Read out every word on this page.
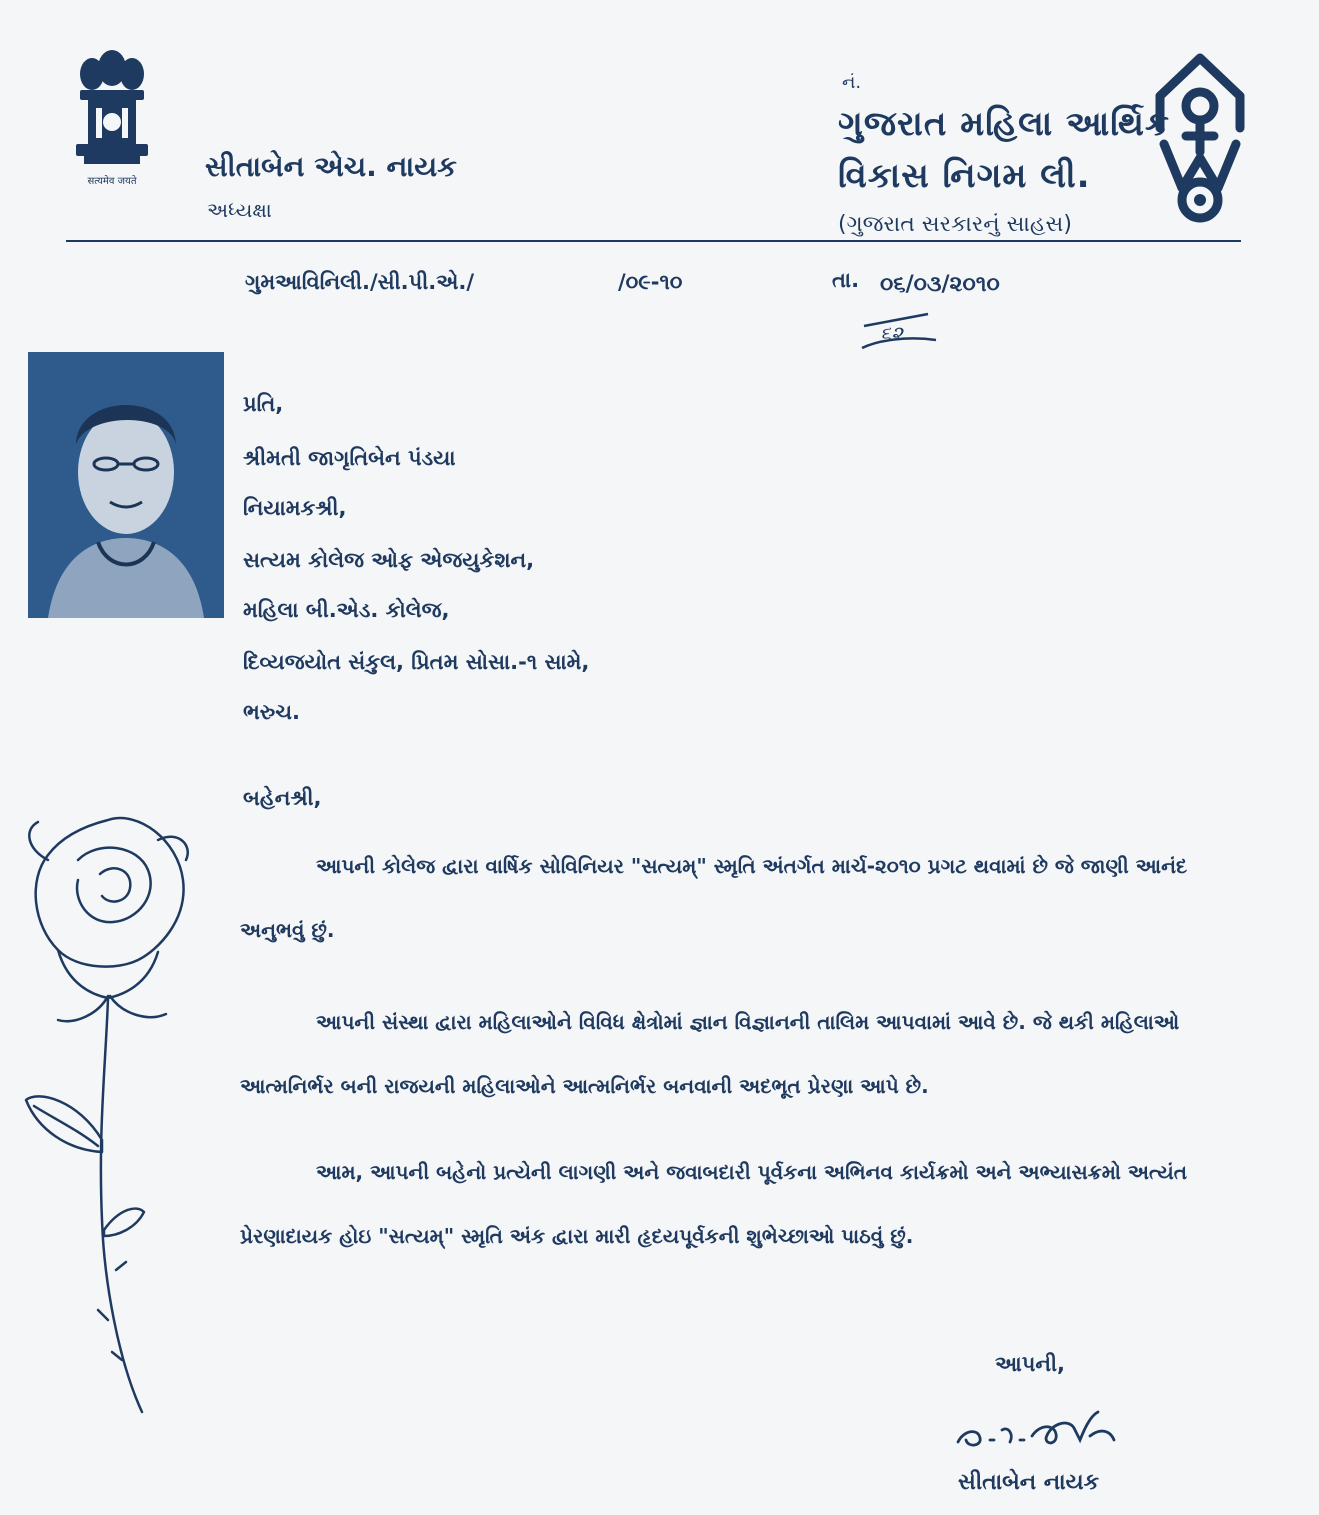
सत्यमेव जयते સીતાબેન એચ. નાયક
અધ્યક્ષા
નં.
ગુજરાત મહિલા આર્થિક
વિકાસ નિગમ લી.
(ગુજરાત સરકારનું સાહસ)
ગુમઆવિનિલી./સી.પી.એ./	/૦૯-૧૦	તા. ૦૬/૦૩/૨૦૧૦
૬૨
પ્રતિ,
શ્રીમતી જાગૃતિબેન પંડયા
નિયામકશ્રી,
સત્યમ કોલેજ ઓફ એજયુકેશન,
મહિલા બી.એડ. કોલેજ,
દિવ્યજયોત સંકુલ, પ્રિતમ સોસા.-૧ સામે,
ભરુચ.
બહેનશ્રી,
આપની કોલેજ દ્વારા વાર્ષિક સોવિનિયર "સત્યમ્" સ્મૃતિ અંતર્ગત માર્ચ-૨૦૧૦ પ્રગટ થવામાં છે જે જાણી આનંદ અનુભવું છું.
આપની સંસ્થા દ્વારા મહિલાઓને વિવિધ ક્ષેત્રોમાં જ્ઞાન વિજ્ઞાનની તાલિમ આપવામાં આવે છે. જે થકી મહિલાઓ આત્મનિર્ભર બની રાજયની મહિલાઓને આત્મનિર્ભર બનવાની અદભૂત પ્રેરણા આપે છે.
આમ, આપની બહેનો પ્રત્યેની લાગણી અને જવાબદારી પૂર્વકના અભિનવ કાર્યક્રમો અને અભ્યાસક્રમો અત્યંત પ્રેરણાદાયક હોઇ "સત્યમ્" સ્મૃતિ અંક દ્વારા મારી હૃદયપૂર્વકની શુભેચ્છાઓ પાઠવું છું.
આપની,
સીતાબેન નાયક
